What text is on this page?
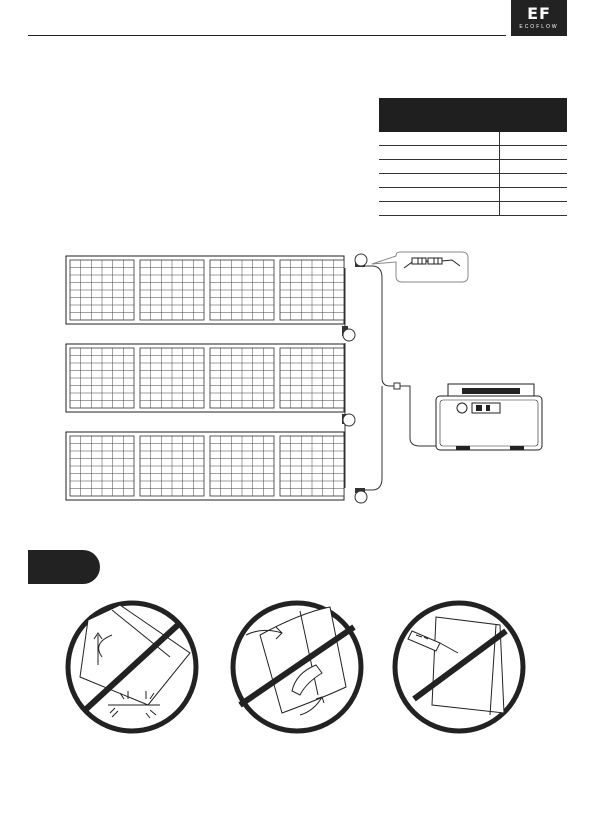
EF
ECOFLOW
